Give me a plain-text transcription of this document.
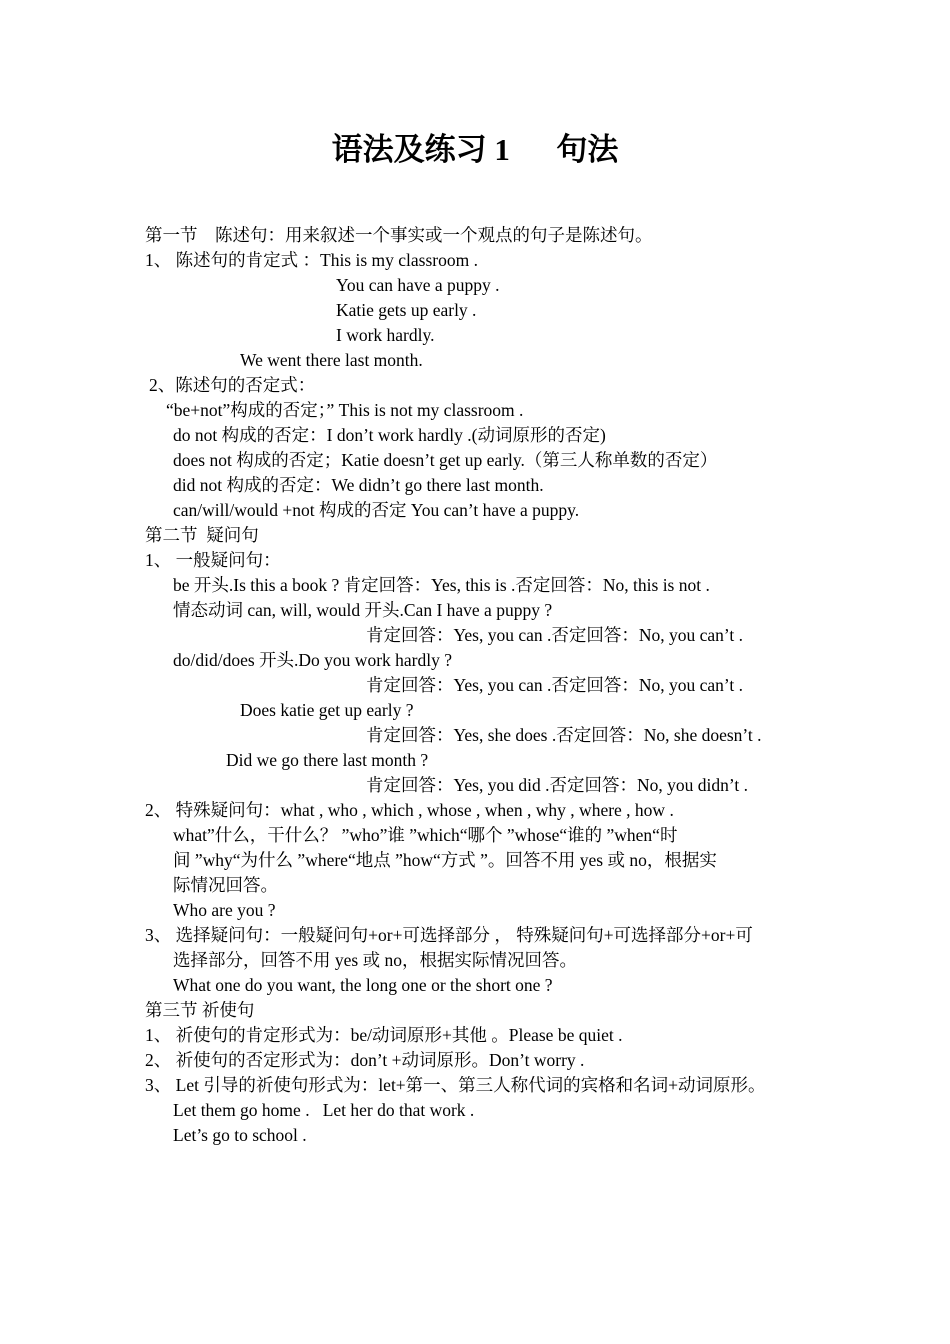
语法及练习 1      句法
第一节    陈述句：用来叙述一个事实或一个观点的句子是陈述句。
1、 陈述句的肯定式 ：This is my classroom .
You can have a puppy .
Katie gets up early .
I work hardly.
We went there last month.
2、陈述句的否定式：
“be+not”构成的否定；” This is not my classroom .
do not 构成的否定：I don’t work hardly .(动词原形的否定)
does not 构成的否定；Katie doesn’t get up early.（第三人称单数的否定）
did not 构成的否定：We didn’t go there last month.
can/will/would +not 构成的否定 You can’t have a puppy.
第二节  疑问句
1、 一般疑问句：
be 开头.Is this a book ? 肯定回答：Yes, this is .否定回答：No, this is not .
情态动词 can, will, would 开头.Can I have a puppy ?
肯定回答：Yes, you can .否定回答：No, you can’t .
do/did/does 开头.Do you work hardly ?
肯定回答：Yes, you can .否定回答：No, you can’t .
Does katie get up early ?
肯定回答：Yes, she does .否定回答：No, she doesn’t .
Did we go there last month ?
肯定回答：Yes, you did .否定回答：No, you didn’t .
2、 特殊疑问句：what , who , which , whose , when , why , where , how .
what”什么，干什么？ ”who”谁 ”which“哪个 ”whose“谁的 ”when“时
间 ”why“为什么 ”where“地点 ”how“方式 ”。回答不用 yes 或 no，根据实
际情况回答。
Who are you ?
3、 选择疑问句：一般疑问句+or+可选择部分 ， 特殊疑问句+可选择部分+or+可
选择部分，回答不用 yes 或 no，根据实际情况回答。
What one do you want, the long one or the short one ?
第三节 祈使句
1、 祈使句的肯定形式为：be/动词原形+其他 。Please be quiet .
2、 祈使句的否定形式为：don’t +动词原形。Don’t worry .
3、 Let 引导的祈使句形式为：let+第一、第三人称代词的宾格和名词+动词原形。
Let them go home .   Let her do that work .
Let’s go to school .
